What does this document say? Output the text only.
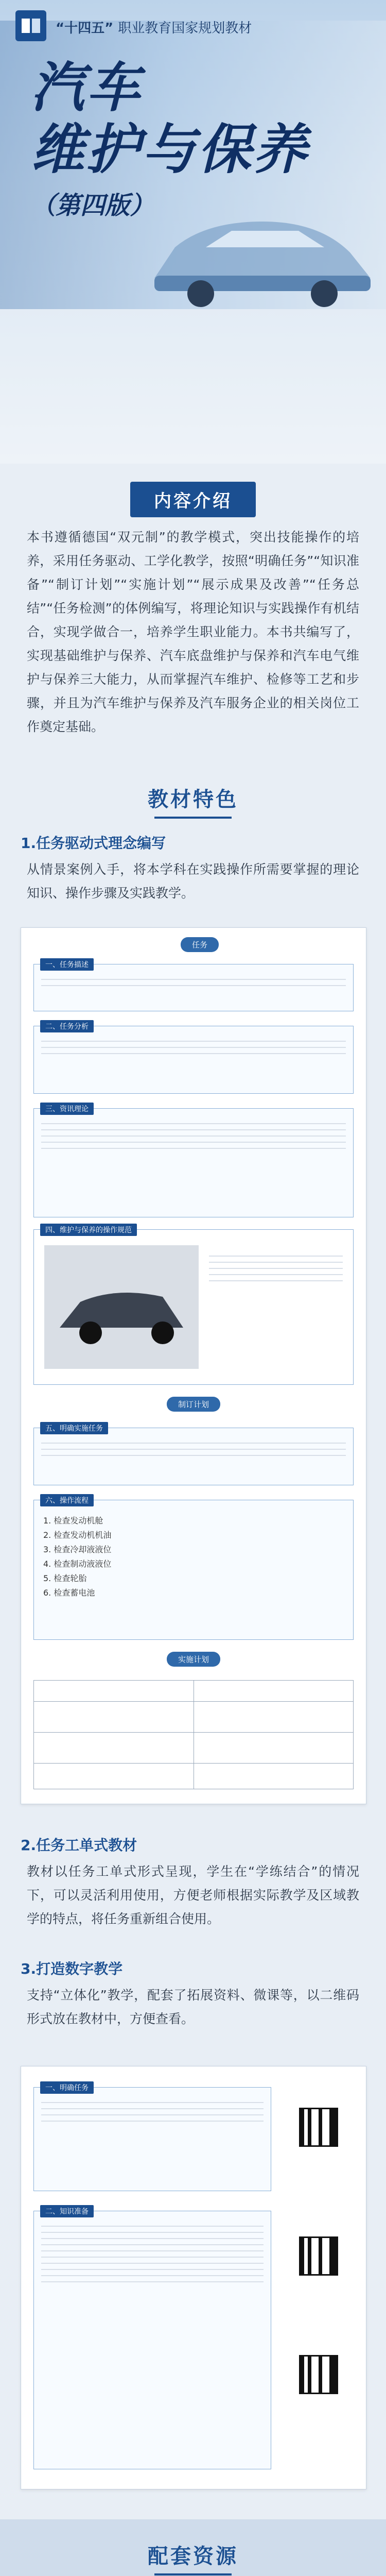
“十四五” 职业教育国家规划教材
汽车
维护与保养
（第四版）
内容介绍
本书遵循德国“双元制”的教学模式，突出技能操作的培养，采用任务驱动、工学化教学，按照“明确任务”“知识准备”“制订计划”“实施计划”“展示成果及改善”“任务总结”“任务检测”的体例编写，将理论知识与实践操作有机结合，实现学做合一，培养学生职业能力。本书共编写了，实现基础维护与保养、汽车底盘维护与保养和汽车电气维护与保养三大能力，从而掌握汽车维护、检修等工艺和步骤，并且为汽车维护与保养及汽车服务企业的相关岗位工作奠定基础。
教材特色
1.任务驱动式理念编写
从情景案例入手，将本学科在实践操作所需要掌握的理论知识、操作步骤及实践教学。
任务
一、任务描述
二、任务分析
三、资讯理论
四、维护与保养的操作规范
制订计划
五、明确实施任务
六、操作流程
1. 检查发动机舱
2. 检查发动机机油
3. 检查冷却液液位
4. 检查制动液液位
5. 检查轮胎
6. 检查蓄电池
实施计划
2.任务工单式教材
教材以任务工单式形式呈现，学生在“学练结合”的情况下，可以灵活利用使用，方便老师根据实际教学及区域教学的特点，将任务重新组合使用。
3.打造数字教学
支持“立体化”教学，配套了拓展资料、微课等，以二维码形式放在教材中，方便查看。
一、明确任务
二、知识准备
配套资源
